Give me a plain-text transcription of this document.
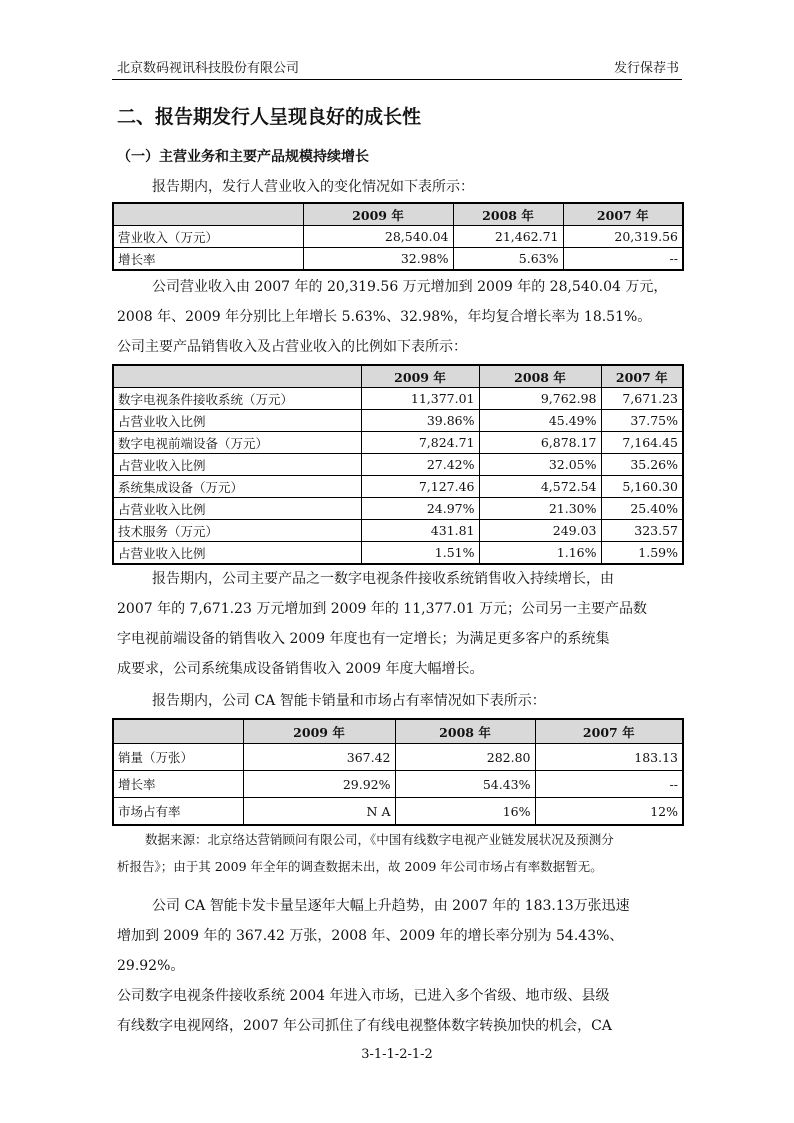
北京数码视讯科技股份有限公司	发行保荐书
二、报告期发行人呈现良好的成长性
（一）主营业务和主要产品规模持续增长
报告期内，发行人营业收入的变化情况如下表所示：
	2009 年	2008 年	2007 年
营业收入（万元）	28,540.04	21,462.71	20,319.56
增长率	32.98%	5.63%	--
公司营业收入由 2007 年的 20,319.56 万元增加到 2009 年的 28,540.04 万元，
2008 年、2009 年分别比上年增长 5.63%、32.98%，年均复合增长率为 18.51%。
公司主要产品销售收入及占营业收入的比例如下表所示：
	2009 年	2008 年	2007 年
数字电视条件接收系统（万元）	11,377.01	9,762.98	7,671.23
占营业收入比例	39.86%	45.49%	37.75%
数字电视前端设备（万元）	7,824.71	6,878.17	7,164.45
占营业收入比例	27.42%	32.05%	35.26%
系统集成设备（万元）	7,127.46	4,572.54	5,160.30
占营业收入比例	24.97%	21.30%	25.40%
技术服务（万元）	431.81	249.03	323.57
占营业收入比例	1.51%	1.16%	1.59%
报告期内，公司主要产品之一数字电视条件接收系统销售收入持续增长，由
2007 年的 7,671.23 万元增加到 2009 年的 11,377.01 万元；公司另一主要产品数
字电视前端设备的销售收入 2009 年度也有一定增长；为满足更多客户的系统集
成要求，公司系统集成设备销售收入 2009 年度大幅增长。
报告期内，公司 CA 智能卡销量和市场占有率情况如下表所示：
	2009 年	2008 年	2007 年
销量（万张）	367.42	282.80	183.13
增长率	29.92%	54.43%	--
市场占有率	N A	16%	12%
数据来源：北京络达营销顾问有限公司，《中国有线数字电视产业链发展状况及预测分
析报告》；由于其 2009 年全年的调查数据未出，故 2009 年公司市场占有率数据暂无。
公司 CA 智能卡发卡量呈逐年大幅上升趋势，由 2007 年的 183.13万张迅速
增加到 2009 年的 367.42 万张，2008 年、2009 年的增长率分别为 54.43%、29.92%。
公司数字电视条件接收系统 2004 年进入市场，已进入多个省级、地市级、县级
有线数字电视网络，2007 年公司抓住了有线电视整体数字转换加快的机会，CA
3-1-1-2-1-2
